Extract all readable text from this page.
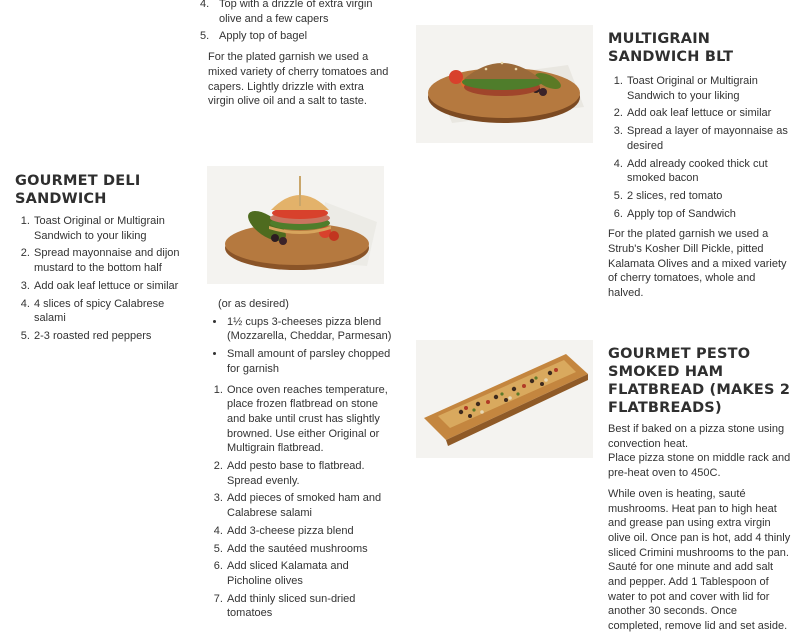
4. Top with a drizzle of extra virgin olive and a few capers
5. Apply top of bagel

For the plated garnish we used a mixed variety of cherry tomatoes and capers. Lightly drizzle with extra virgin olive oil and a salt to taste.

GOURMET DELI SANDWICH
1. Toast Original or Multigrain Sandwich to your liking
2. Spread mayonnaise and dijon mustard to the bottom half
3. Add oak leaf lettuce or similar
4. 4 slices of spicy Calabrese salami
5. 2-3 roasted red peppers

(or as desired)

• 1½ cups 3-cheeses pizza blend (Mozzarella, Cheddar, Parmesan)
• Small amount of parsley chopped for garnish
1. Once oven reaches temperature, place frozen flatbread on stone and bake until crust has slightly browned. Use either Original or Multigrain flatbread.
2. Add pesto base to flatbread. Spread evenly.
3. Add pieces of smoked ham and Calabrese salami
4. Add 3-cheese pizza blend
5. Add the sautéed mushrooms
6. Add sliced Kalamata and Picholine olives
7. Add thinly sliced sun-dried tomatoes
MULTIGRAIN SANDWICH BLT
1. Toast Original or Multigrain Sandwich to your liking
2. Add oak leaf lettuce or similar
3. Spread a layer of mayonnaise as desired
4. Add already cooked thick cut smoked bacon
5. 2 slices, red tomato
6. Apply top of Sandwich

For the plated garnish we used a Strub's Kosher Dill Pickle, pitted Kalamata Olives and a mixed variety of cherry tomatoes, whole and halved.

GOURMET PESTO SMOKED HAM FLATBREAD (MAKES 2 FLATBREADS)

Best if baked on a pizza stone using convection heat.

Place pizza stone on middle rack and pre-heat oven to 450C.

While oven is heating, sauté mushrooms. Heat pan to high heat and grease pan using extra virgin olive oil. Once pan is hot, add 4 thinly sliced Crimini mushrooms to the pan. Sauté for one minute and add salt and pepper. Add 1 Tablespoon of water to pot and cover with lid for another 30 seconds. Once completed, remove lid and set aside.
